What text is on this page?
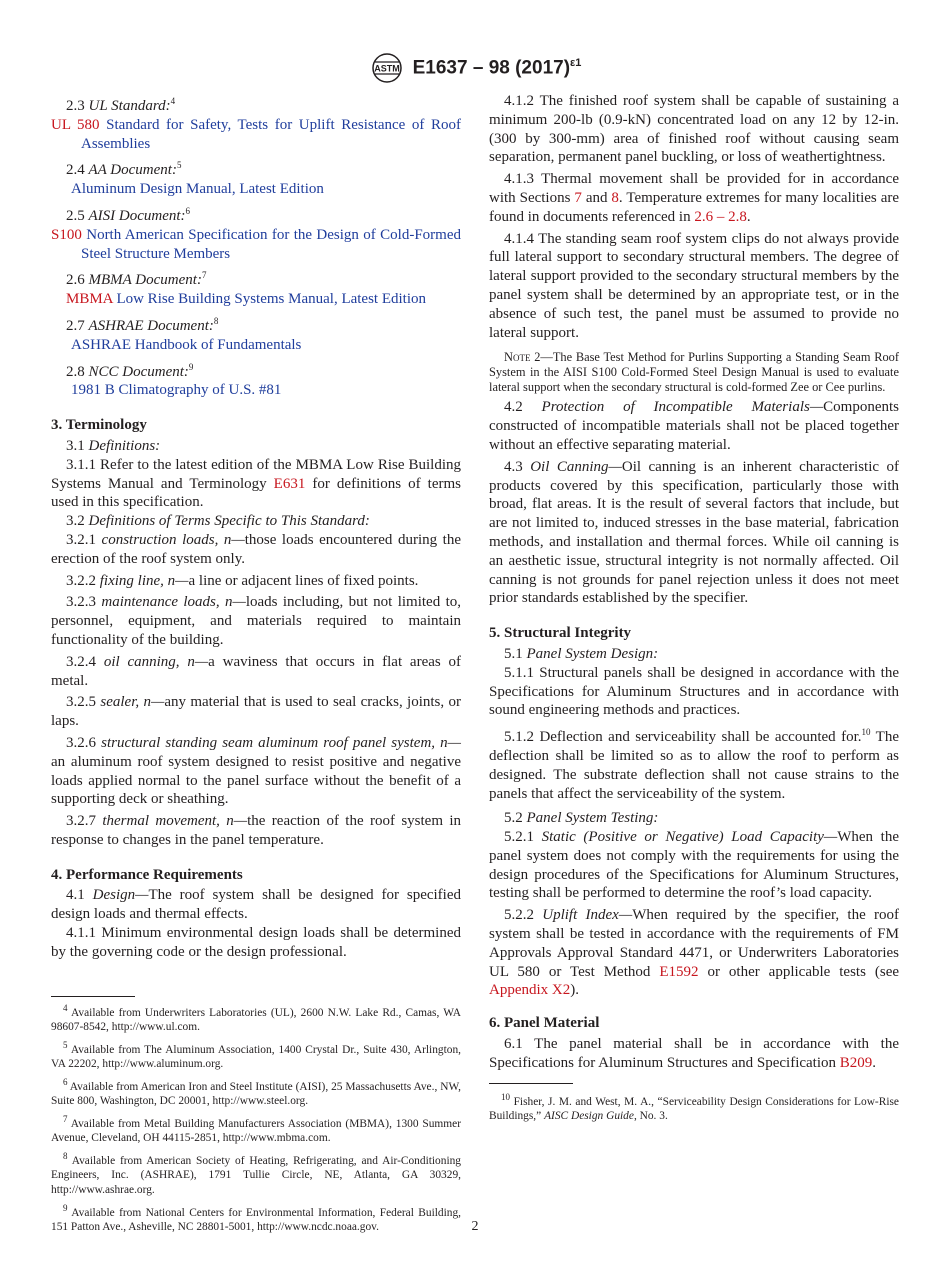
ASTM E1637 – 98 $(2017)^{\varepsilon 1}$

2.3 UL Standard:$^4$

UL 580 Standard for Safety, Tests for Uplift Resistance of Roof Assemblies

2.4 AA Document:$^5$

Aluminum Design Manual, Latest Edition

2.5 AISI Document:$^6$

S100 North American Specification for the Design of Cold-Formed Steel Structure Members

2.6 MBMA Document:$^7$

MBMA Low Rise Building Systems Manual, Latest Edition

2.7 ASHRAE Document:$^8$

ASHRAE Handbook of Fundamentals

2.8 NCC Document:$^9$

1981 B Climatography of U.S. #81

3. Terminology

3.1 Definitions:

3.1.1 Refer to the latest edition of the MBMA Low Rise Building Systems Manual and Terminology E631 for definitions of terms used in this specification.

3.2 Definitions of Terms Specific to This Standard:

3.2.1 construction loads, n—those loads encountered during the erection of the roof system only.

3.2.2 fixing line, n—a line or adjacent lines of fixed points.

3.2.3 maintenance loads, n—loads including, but not limited to, personnel, equipment, and materials required to maintain functionality of the building.

3.2.4 oil canning, n—a waviness that occurs in flat areas of metal.

3.2.5 sealer, n—any material that is used to seal cracks, joints, or laps.

3.2.6 structural standing seam aluminum roof panel system, n—an aluminum roof system designed to resist positive and negative loads applied normal to the panel surface without the benefit of a supporting deck or sheathing.

3.2.7 thermal movement, n—the reaction of the roof system in response to changes in the panel temperature.

4. Performance Requirements

4.1 Design—The roof system shall be designed for specified design loads and thermal effects.

4.1.1 Minimum environmental design loads shall be determined by the governing code or the design professional.

$^4$ Available from Underwriters Laboratories (UL), 2600 N.W. Lake Rd., Camas, WA 98607-8542, http://www.ul.com.

$^5$ Available from The Aluminum Association, 1400 Crystal Dr., Suite 430, Arlington, VA 22202, http://www.aluminum.org.

$^6$ Available from American Iron and Steel Institute (AISI), 25 Massachusetts Ave., NW, Suite 800, Washington, DC 20001, http://www.steel.org.

$^7$ Available from Metal Building Manufacturers Association (MBMA), 1300 Summer Avenue, Cleveland, OH 44115-2851, http://www.mbma.com.

$^8$ Available from American Society of Heating, Refrigerating, and Air-Conditioning Engineers, Inc. (ASHRAE), 1791 Tullie Circle, NE, Atlanta, GA 30329, http://www.ashrae.org.

$^9$ Available from National Centers for Environmental Information, Federal Building, 151 Patton Ave., Asheville, NC 28801-5001, http://www.ncdc.noaa.gov.

4.1.2 The finished roof system shall be capable of sustaining a minimum 200-lb (0.9-kN) concentrated load on any 12 by 12-in. (300 by 300-mm) area of finished roof without causing seam separation, permanent panel buckling, or loss of weathertightness.

4.1.3 Thermal movement shall be provided for in accordance with Sections 7 and 8. Temperature extremes for many localities are found in documents referenced in 2.6 – 2.8.

4.1.4 The standing seam roof system clips do not always provide full lateral support to secondary structural members. The degree of lateral support provided to the secondary structural members by the panel system shall be determined by an appropriate test, or in the absence of such test, the panel must be assumed to provide no lateral support.

Note 2—The Base Test Method for Purlins Supporting a Standing Seam Roof System in the AISI S100 Cold-Formed Steel Design Manual is used to evaluate lateral support when the secondary structural is cold-formed Zee or Cee purlins.

4.2 Protection of Incompatible Materials—Components constructed of incompatible materials shall not be placed together without an effective separating material.

4.3 Oil Canning—Oil canning is an inherent characteristic of products covered by this specification, particularly those with broad, flat areas. It is the result of several factors that include, but are not limited to, induced stresses in the base material, fabrication methods, and installation and thermal forces. While oil canning is an aesthetic issue, structural integrity is not normally affected. Oil canning is not grounds for panel rejection unless it does not meet prior standards established by the specifier.

5. Structural Integrity

5.1 Panel System Design:

5.1.1 Structural panels shall be designed in accordance with the Specifications for Aluminum Structures and in accordance with sound engineering methods and practices.

5.1.2 Deflection and serviceability shall be accounted for.$^{10}$ The deflection shall be limited so as to allow the roof to perform as designed. The substrate deflection shall not cause strains to the panels that affect the serviceability of the system.

5.2 Panel System Testing:

5.2.1 Static (Positive or Negative) Load Capacity—When the panel system does not comply with the requirements for using the design procedures of the Specifications for Aluminum Structures, testing shall be performed to determine the roof’s load capacity.

5.2.2 Uplift Index—When required by the specifier, the roof system shall be tested in accordance with the requirements of FM Approvals Approval Standard 4471, or Underwriters Laboratories UL 580 or Test Method E1592 or other applicable tests (see Appendix X2).

6. Panel Material

6.1 The panel material shall be in accordance with the Specifications for Aluminum Structures and Specification B209.

$^{10}$ Fisher, J. M. and West, M. A., “Serviceability Design Considerations for Low-Rise Buildings,” AISC Design Guide, No. 3.

2
